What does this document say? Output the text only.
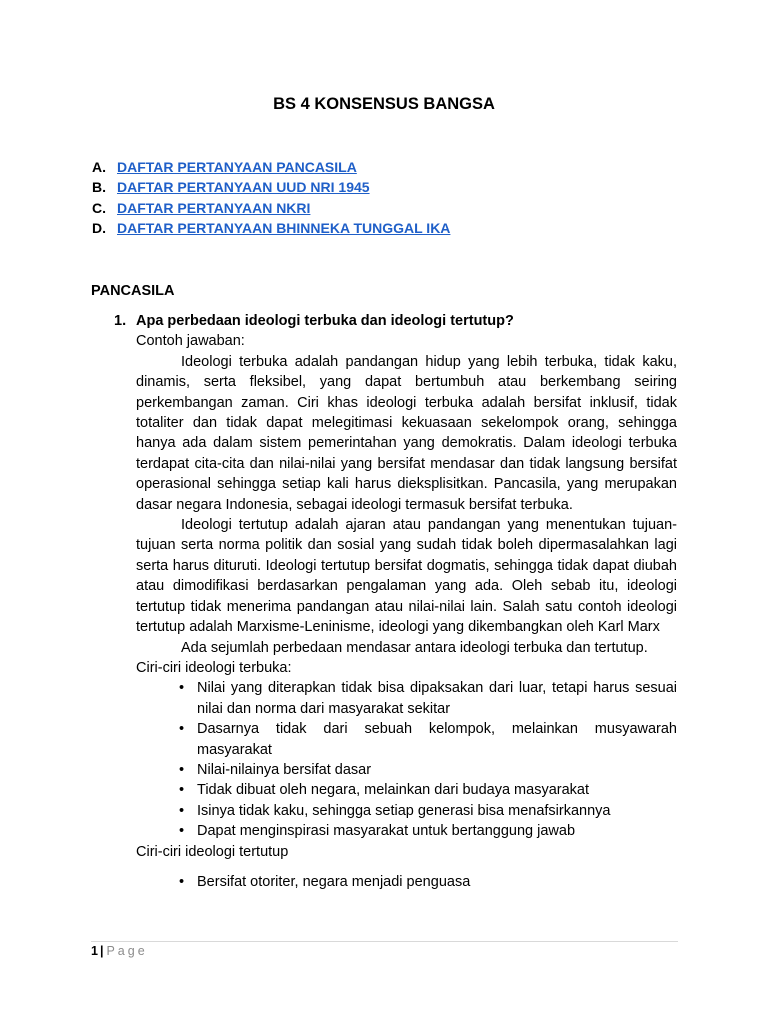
BS 4 KONSENSUS BANGSA
A. DAFTAR PERTANYAAN PANCASILA
B. DAFTAR PERTANYAAN UUD NRI 1945
C. DAFTAR PERTANYAAN NKRI
D. DAFTAR PERTANYAAN BHINNEKA TUNGGAL IKA
PANCASILA
1. Apa perbedaan ideologi terbuka dan ideologi tertutup?

Contoh jawaban:

Ideologi terbuka adalah pandangan hidup yang lebih terbuka, tidak kaku, dinamis, serta fleksibel, yang dapat bertumbuh atau berkembang seiring perkembangan zaman. Ciri khas ideologi terbuka adalah bersifat inklusif, tidak totaliter dan tidak dapat melegitimasi kekuasaan sekelompok orang, sehingga hanya ada dalam sistem pemerintahan yang demokratis. Dalam ideologi terbuka terdapat cita-cita dan nilai-nilai yang bersifat mendasar dan tidak langsung bersifat operasional sehingga setiap kali harus dieksplisitkan. Pancasila, yang merupakan dasar negara Indonesia, sebagai ideologi termasuk bersifat terbuka.

Ideologi tertutup adalah ajaran atau pandangan yang menentukan tujuan-tujuan serta norma politik dan sosial yang sudah tidak boleh dipermasalahkan lagi serta harus dituruti. Ideologi tertutup bersifat dogmatis, sehingga tidak dapat diubah atau dimodifikasi berdasarkan pengalaman yang ada. Oleh sebab itu, ideologi tertutup tidak menerima pandangan atau nilai-nilai lain. Salah satu contoh ideologi tertutup adalah Marxisme-Leninisme, ideologi yang dikembangkan oleh Karl Marx

Ada sejumlah perbedaan mendasar antara ideologi terbuka dan tertutup.

Ciri-ciri ideologi terbuka:

• Nilai yang diterapkan tidak bisa dipaksakan dari luar, tetapi harus sesuai nilai dan norma dari masyarakat sekitar
• Dasarnya tidak dari sebuah kelompok, melainkan musyawarah masyarakat
• Nilai-nilainya bersifat dasar
• Tidak dibuat oleh negara, melainkan dari budaya masyarakat
• Isinya tidak kaku, sehingga setiap generasi bisa menafsirkannya
• Dapat menginspirasi masyarakat untuk bertanggung jawab

Ciri-ciri ideologi tertutup

• Bersifat otoriter, negara menjadi penguasa
1 | Page
